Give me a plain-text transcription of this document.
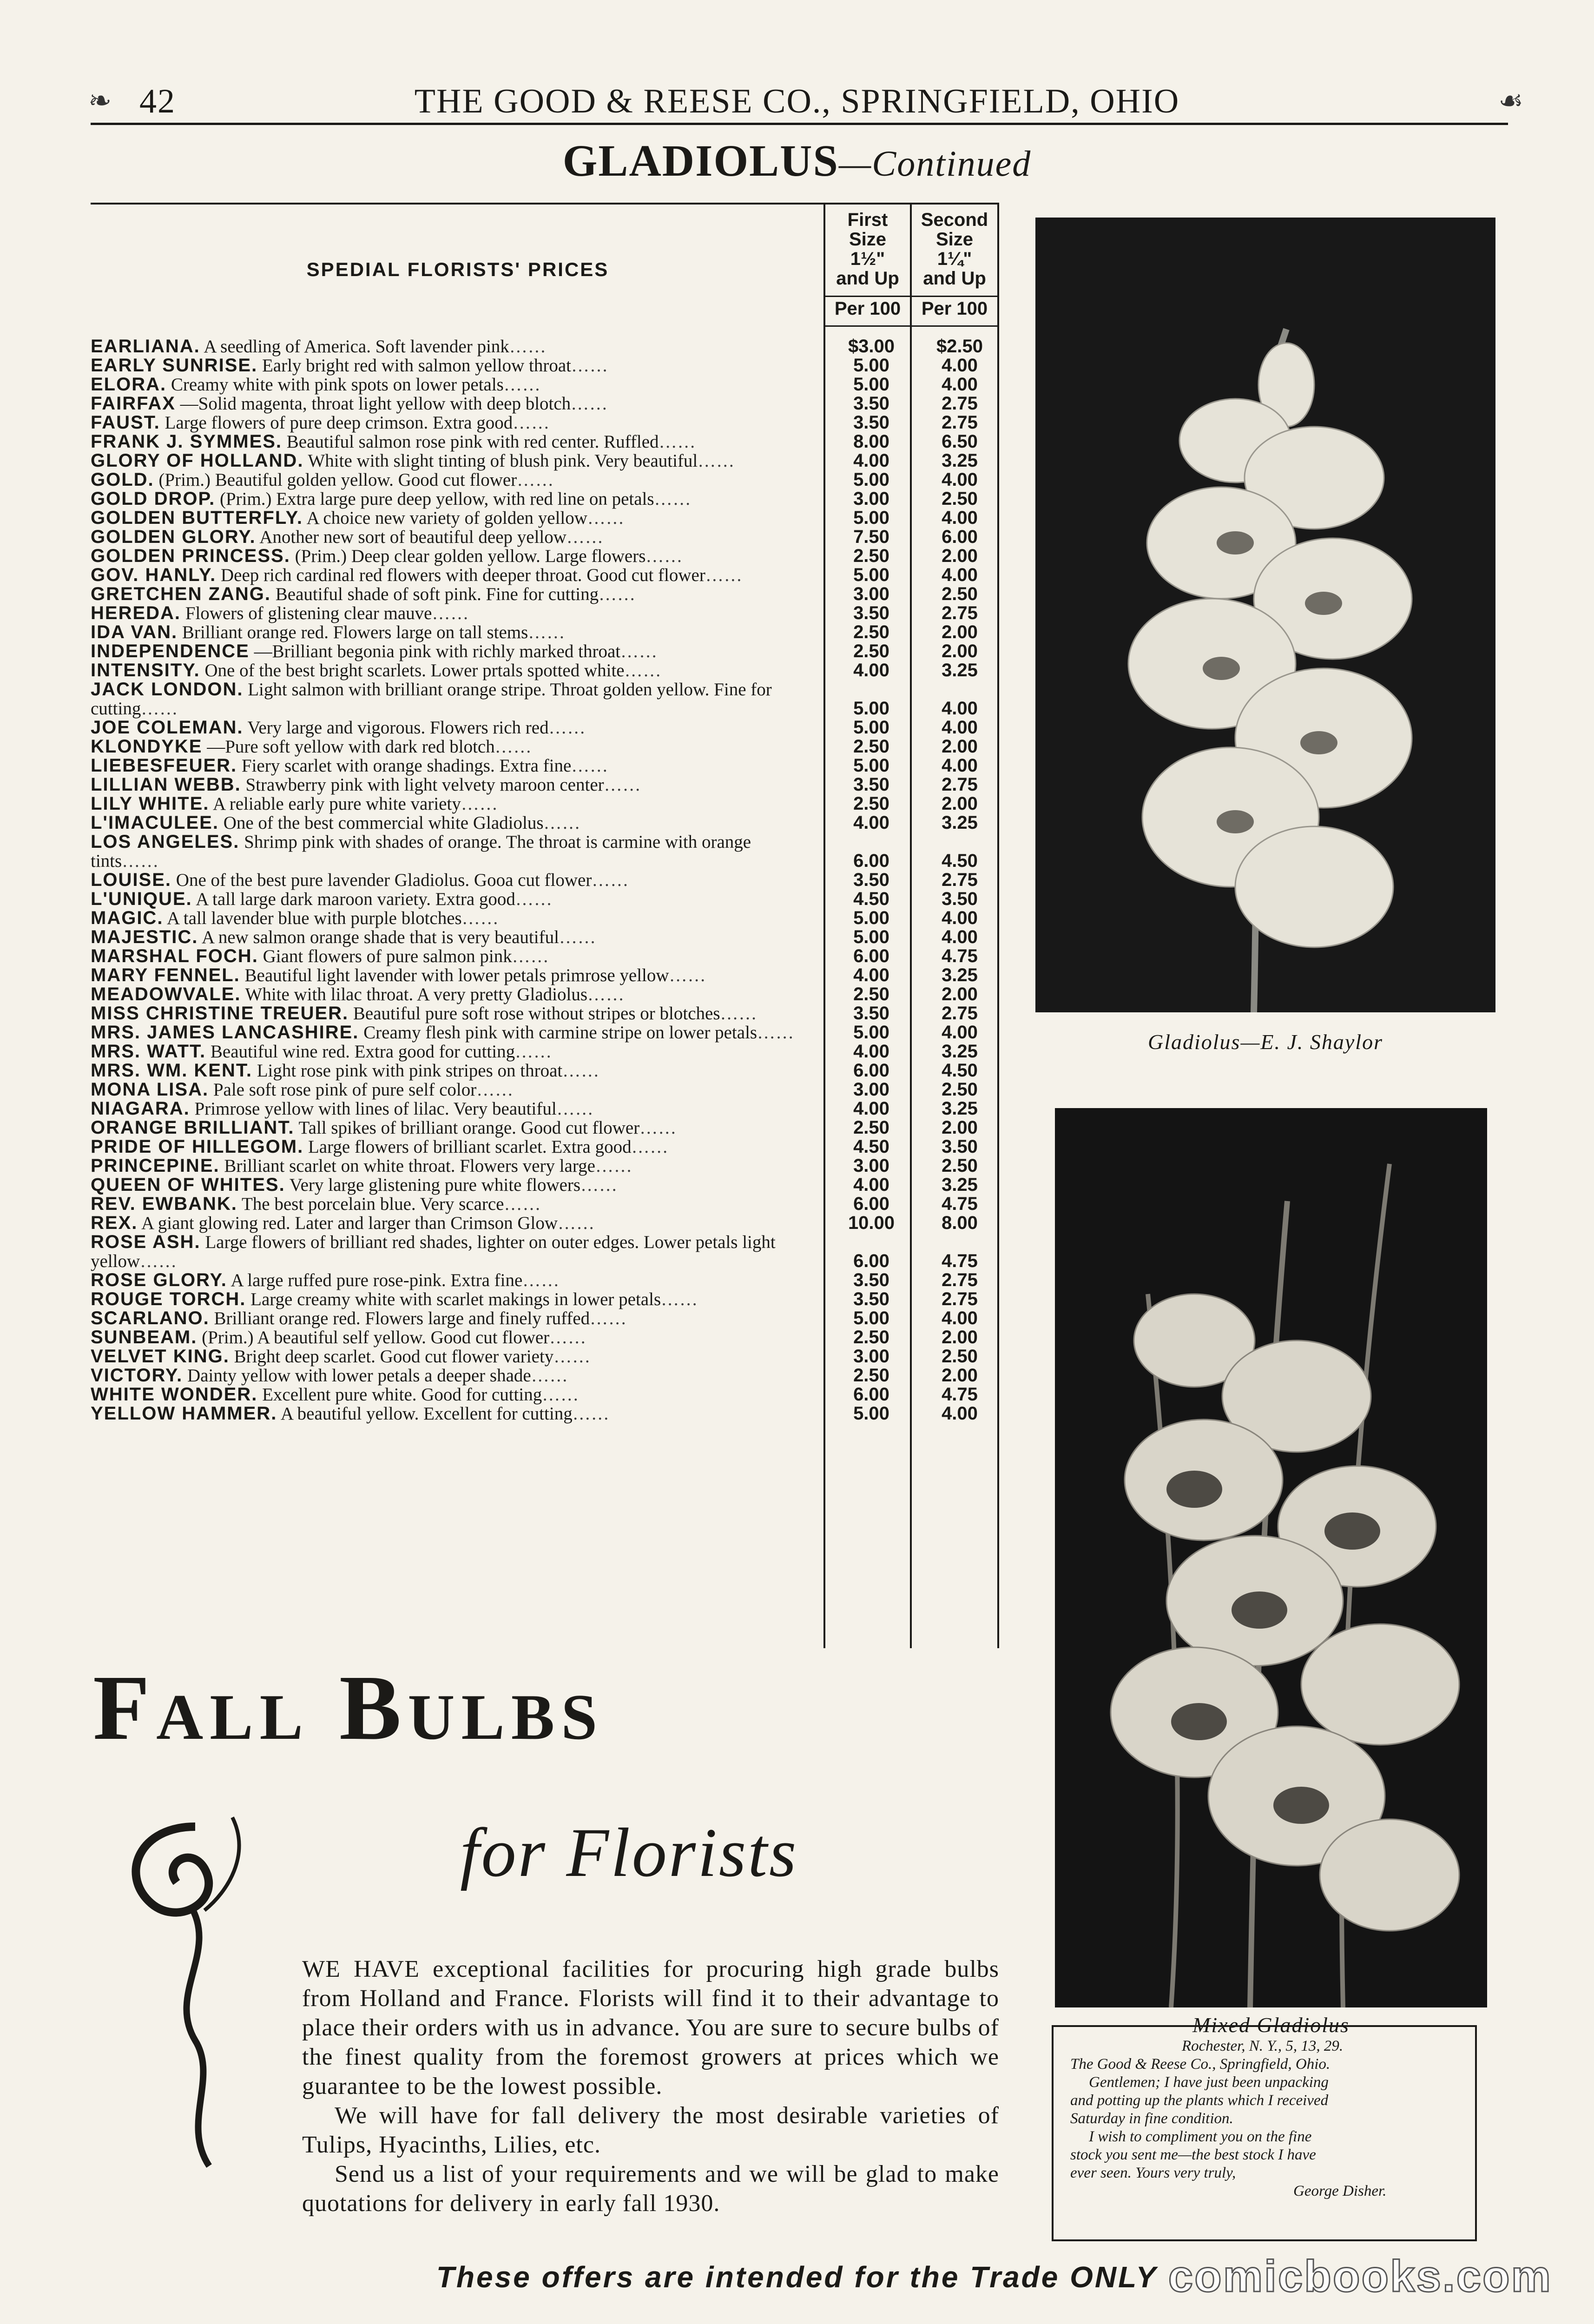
❧ 42	THE GOOD & REESE CO., SPRINGFIELD, OHIO	☙
GLADIOLUS—Continued
SPEDIAL FLORISTS' PRICES
First
Size
1½"
and Up
Second
Size
1¼"
and Up
Per 100	Per 100
EARLIANA. A seedling of America. Soft lavender pink……	$3.00	$2.50
EARLY SUNRISE. Early bright red with salmon yellow throat……	5.00	4.00
ELORA. Creamy white with pink spots on lower petals……	5.00	4.00
FAIRFAX —Solid magenta, throat light yellow with deep blotch……	3.50	2.75
FAUST. Large flowers of pure deep crimson. Extra good……	3.50	2.75
FRANK J. SYMMES. Beautiful salmon rose pink with red center. Ruffled……	8.00	6.50
GLORY OF HOLLAND. White with slight tinting of blush pink. Very beautiful……	4.00	3.25
GOLD. (Prim.) Beautiful golden yellow. Good cut flower……	5.00	4.00
GOLD DROP. (Prim.) Extra large pure deep yellow, with red line on petals……	3.00	2.50
GOLDEN BUTTERFLY. A choice new variety of golden yellow……	5.00	4.00
GOLDEN GLORY. Another new sort of beautiful deep yellow……	7.50	6.00
GOLDEN PRINCESS. (Prim.) Deep clear golden yellow. Large flowers……	2.50	2.00
GOV. HANLY. Deep rich cardinal red flowers with deeper throat. Good cut flower……	5.00	4.00
GRETCHEN ZANG. Beautiful shade of soft pink. Fine for cutting……	3.00	2.50
HEREDA. Flowers of glistening clear mauve……	3.50	2.75
IDA VAN. Brilliant orange red. Flowers large on tall stems……	2.50	2.00
INDEPENDENCE —Brilliant begonia pink with richly marked throat……	2.50	2.00
INTENSITY. One of the best bright scarlets. Lower prtals spotted white……	4.00	3.25
JACK LONDON. Light salmon with brilliant orange stripe. Throat golden yellow. Fine for cutting……	5.00	4.00
JOE COLEMAN. Very large and vigorous. Flowers rich red……	5.00	4.00
KLONDYKE —Pure soft yellow with dark red blotch……	2.50	2.00
LIEBESFEUER. Fiery scarlet with orange shadings. Extra fine……	5.00	4.00
LILLIAN WEBB. Strawberry pink with light velvety maroon center……	3.50	2.75
LILY WHITE. A reliable early pure white variety……	2.50	2.00
L'IMACULEE. One of the best commercial white Gladiolus……	4.00	3.25
LOS ANGELES. Shrimp pink with shades of orange. The throat is carmine with orange tints……	6.00	4.50
LOUISE. One of the best pure lavender Gladiolus. Gooa cut flower……	3.50	2.75
L'UNIQUE. A tall large dark maroon variety. Extra good……	4.50	3.50
MAGIC. A tall lavender blue with purple blotches……	5.00	4.00
MAJESTIC. A new salmon orange shade that is very beautiful……	5.00	4.00
MARSHAL FOCH. Giant flowers of pure salmon pink……	6.00	4.75
MARY FENNEL. Beautiful light lavender with lower petals primrose yellow……	4.00	3.25
MEADOWVALE. White with lilac throat. A very pretty Gladiolus……	2.50	2.00
MISS CHRISTINE TREUER. Beautiful pure soft rose without stripes or blotches……	3.50	2.75
MRS. JAMES LANCASHIRE. Creamy flesh pink with carmine stripe on lower petals……	5.00	4.00
MRS. WATT. Beautiful wine red. Extra good for cutting……	4.00	3.25
MRS. WM. KENT. Light rose pink with pink stripes on throat……	6.00	4.50
MONA LISA. Pale soft rose pink of pure self color……	3.00	2.50
NIAGARA. Primrose yellow with lines of lilac. Very beautiful……	4.00	3.25
ORANGE BRILLIANT. Tall spikes of brilliant orange. Good cut flower……	2.50	2.00
PRIDE OF HILLEGOM. Large flowers of brilliant scarlet. Extra good……	4.50	3.50
PRINCEPINE. Brilliant scarlet on white throat. Flowers very large……	3.00	2.50
QUEEN OF WHITES. Very large glistening pure white flowers……	4.00	3.25
REV. EWBANK. The best porcelain blue. Very scarce……	6.00	4.75
REX. A giant glowing red. Later and larger than Crimson Glow……	10.00	8.00
ROSE ASH. Large flowers of brilliant red shades, lighter on outer edges. Lower petals light yellow……	6.00	4.75
ROSE GLORY. A large ruffed pure rose-pink. Extra fine……	3.50	2.75
ROUGE TORCH. Large creamy white with scarlet makings in lower petals……	3.50	2.75
SCARLANO. Brilliant orange red. Flowers large and finely ruffed……	5.00	4.00
SUNBEAM. (Prim.) A beautiful self yellow. Good cut flower……	2.50	2.00
VELVET KING. Bright deep scarlet. Good cut flower variety……	3.00	2.50
VICTORY. Dainty yellow with lower petals a deeper shade……	2.50	2.00
WHITE WONDER. Excellent pure white. Good for cutting……	6.00	4.75
YELLOW HAMMER. A beautiful yellow. Excellent for cutting……	5.00	4.00
Gladiolus—E. J. Shaylor
Mixed Gladiolus
Rochester, N. Y., 5, 13, 29.
The Good & Reese Co., Springfield, Ohio.
Gentlemen; I have just been unpacking
and potting up the plants which I received
Saturday in fine condition.
I wish to compliment you on the fine
stock you sent me—the best stock I have
ever seen. Yours very truly,
George Disher.
Fall Bulbs
for Florists

WE HAVE exceptional facilities for procuring high grade bulbs from Holland and France. Florists will find it to their advantage to place their orders with us in advance. You are sure to secure bulbs of the finest quality from the foremost growers at prices which we guarantee to be the lowest possible.

We will have for fall delivery the most desirable varieties of Tulips, Hyacinths, Lilies, etc.

Send us a list of your requirements and we will be glad to make quotations for delivery in early fall 1930.

These offers are intended for the Trade ONLY comicbooks.com
